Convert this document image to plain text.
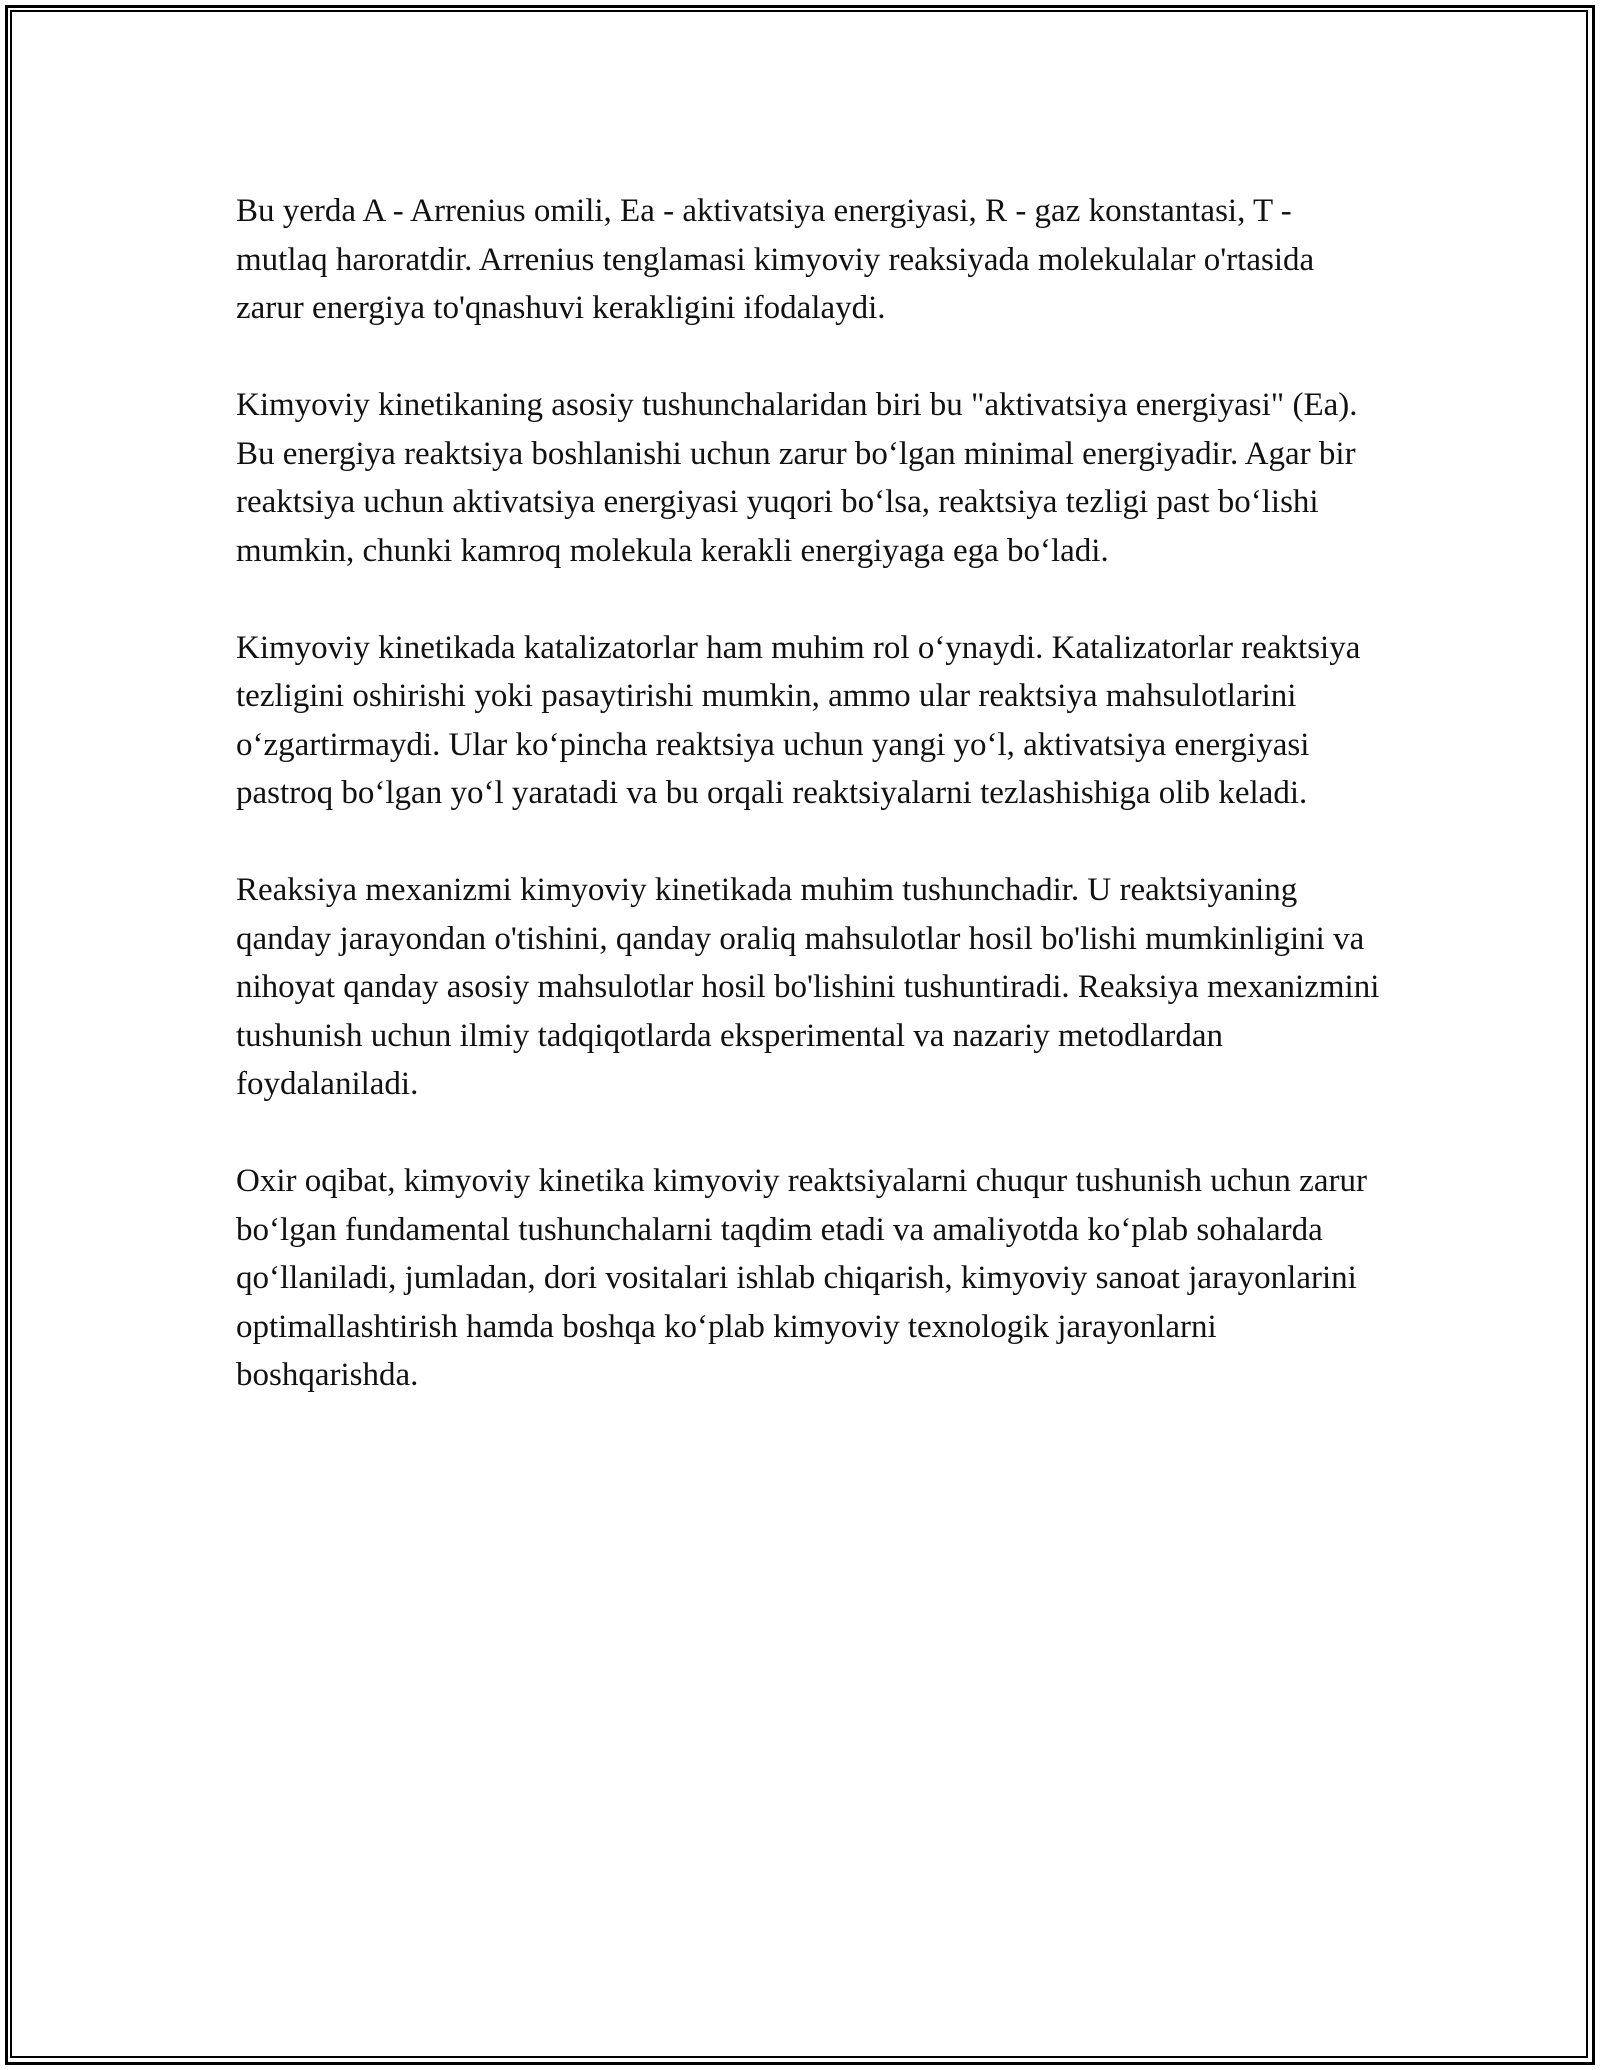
Bu yerda A - Arrenius omili, Ea - aktivatsiya energiyasi, R - gaz konstantasi, T - mutlaq haroratdir. Arrenius tenglamasi kimyoviy reaksiyada molekulalar o'rtasida zarur energiya to'qnashuvi kerakligini ifodalaydi.

Kimyoviy kinetikaning asosiy tushunchalaridan biri bu "aktivatsiya energiyasi" (Ea). Bu energiya reaktsiya boshlanishi uchun zarur bo‘lgan minimal energiyadir. Agar bir reaktsiya uchun aktivatsiya energiyasi yuqori bo‘lsa, reaktsiya tezligi past bo‘lishi mumkin, chunki kamroq molekula kerakli energiyaga ega bo‘ladi.

Kimyoviy kinetikada katalizatorlar ham muhim rol o‘ynaydi. Katalizatorlar reaktsiya tezligini oshirishi yoki pasaytirishi mumkin, ammo ular reaktsiya mahsulotlarini o‘zgartirmaydi. Ular ko‘pincha reaktsiya uchun yangi yo‘l, aktivatsiya energiyasi pastroq bo‘lgan yo‘l yaratadi va bu orqali reaktsiyalarni tezlashishiga olib keladi.

Reaksiya mexanizmi kimyoviy kinetikada muhim tushunchadir. U reaktsiyaning qanday jarayondan o'tishini, qanday oraliq mahsulotlar hosil bo'lishi mumkinligini va nihoyat qanday asosiy mahsulotlar hosil bo'lishini tushuntiradi. Reaksiya mexanizmini tushunish uchun ilmiy tadqiqotlarda eksperimental va nazariy metodlardan foydalaniladi.

Oxir oqibat, kimyoviy kinetika kimyoviy reaktsiyalarni chuqur tushunish uchun zarur bo‘lgan fundamental tushunchalarni taqdim etadi va amaliyotda ko‘plab sohalarda qo‘llaniladi, jumladan, dori vositalari ishlab chiqarish, kimyoviy sanoat jarayonlarini optimallashtirish hamda boshqa ko‘plab kimyoviy texnologik jarayonlarni boshqarishda.
